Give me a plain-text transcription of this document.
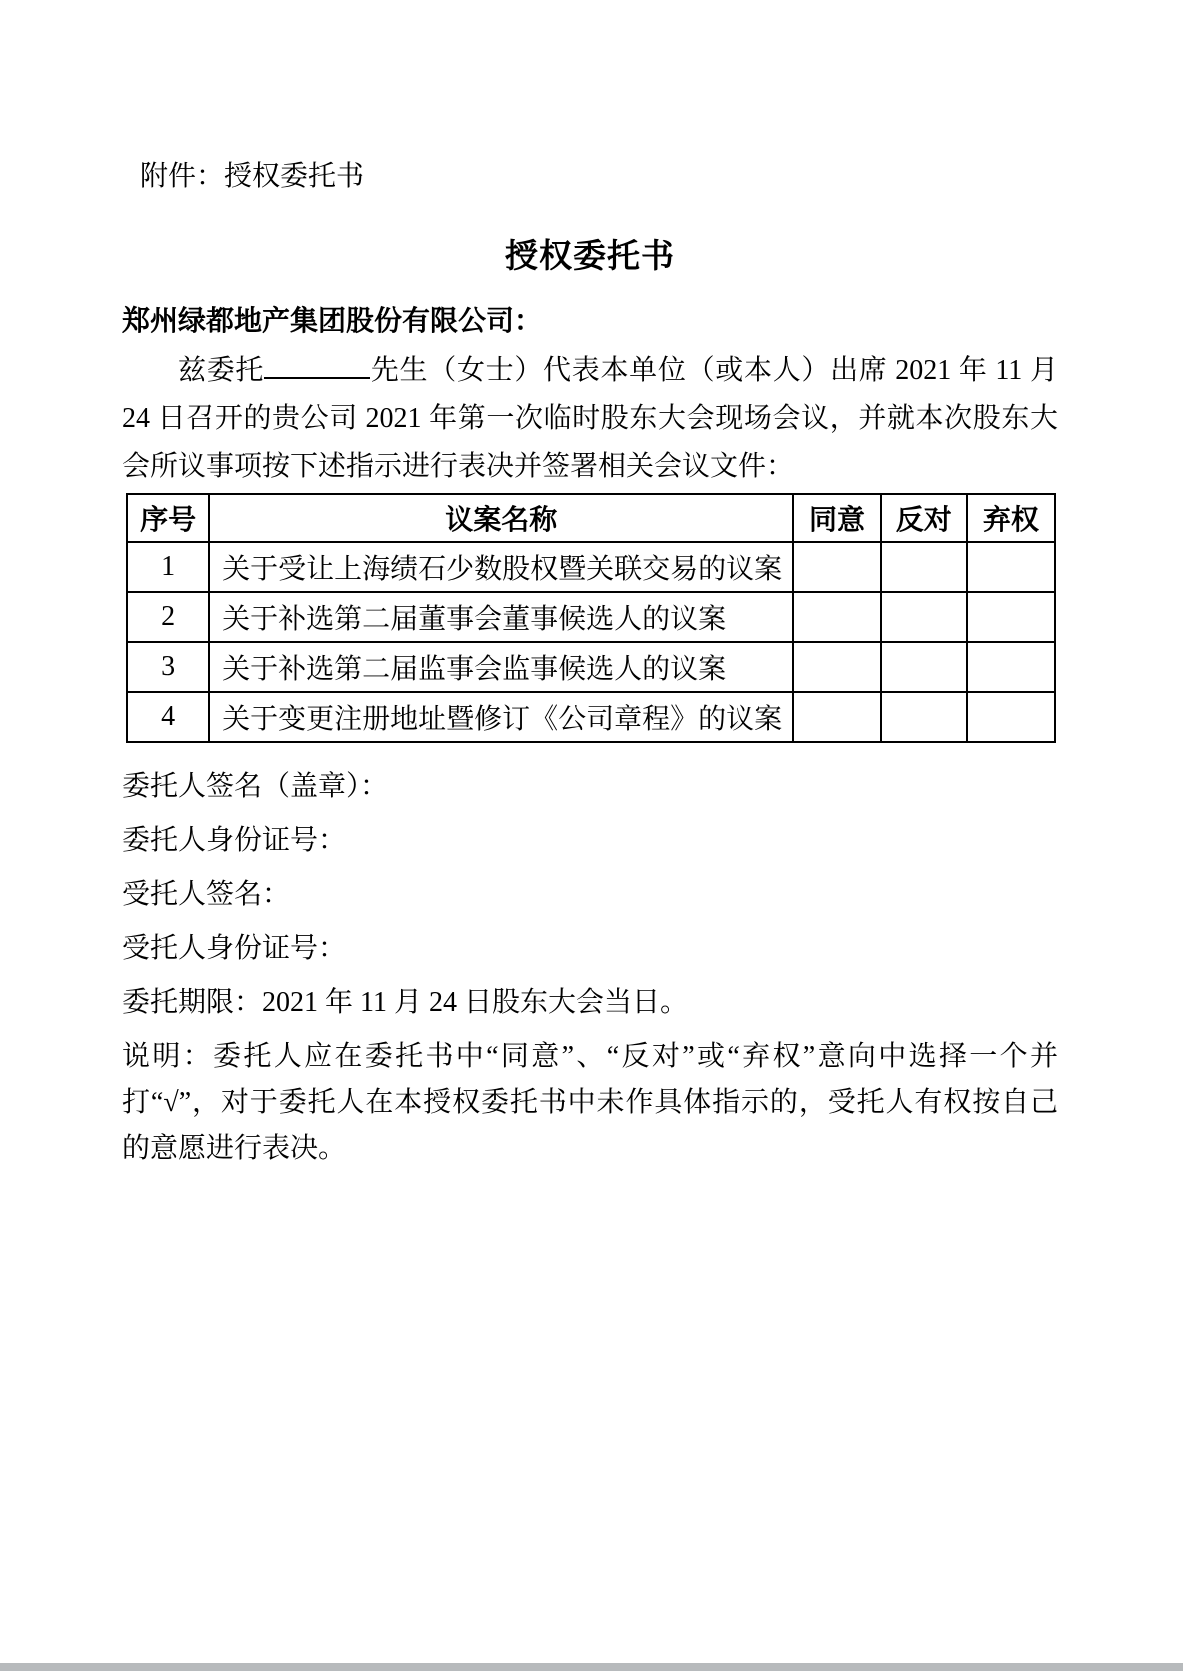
附件：授权委托书
授权委托书
郑州绿都地产集团股份有限公司：

兹委托	先生（女士）代表本单位（或本人）出席 2021 年 11 月 24 日召开的贵公司 2021 年第一次临时股东大会现场会议，并就本次股东大会所议事项按下述指示进行表决并签署相关会议文件：

序号	议案名称	同意	反对	弃权
1	关于受让上海绩石少数股权暨关联交易的议案			
2	关于补选第二届董事会董事候选人的议案			
3	关于补选第二届监事会监事候选人的议案			
4	关于变更注册地址暨修订《公司章程》的议案			
委托人签名（盖章）：
委托人身份证号：
受托人签名：
受托人身份证号：
委托期限：2021 年 11 月 24 日股东大会当日。

说明：委托人应在委托书中“同意”、“反对”或“弃权”意向中选择一个并打“√”，对于委托人在本授权委托书中未作具体指示的，受托人有权按自己的意愿进行表决。
